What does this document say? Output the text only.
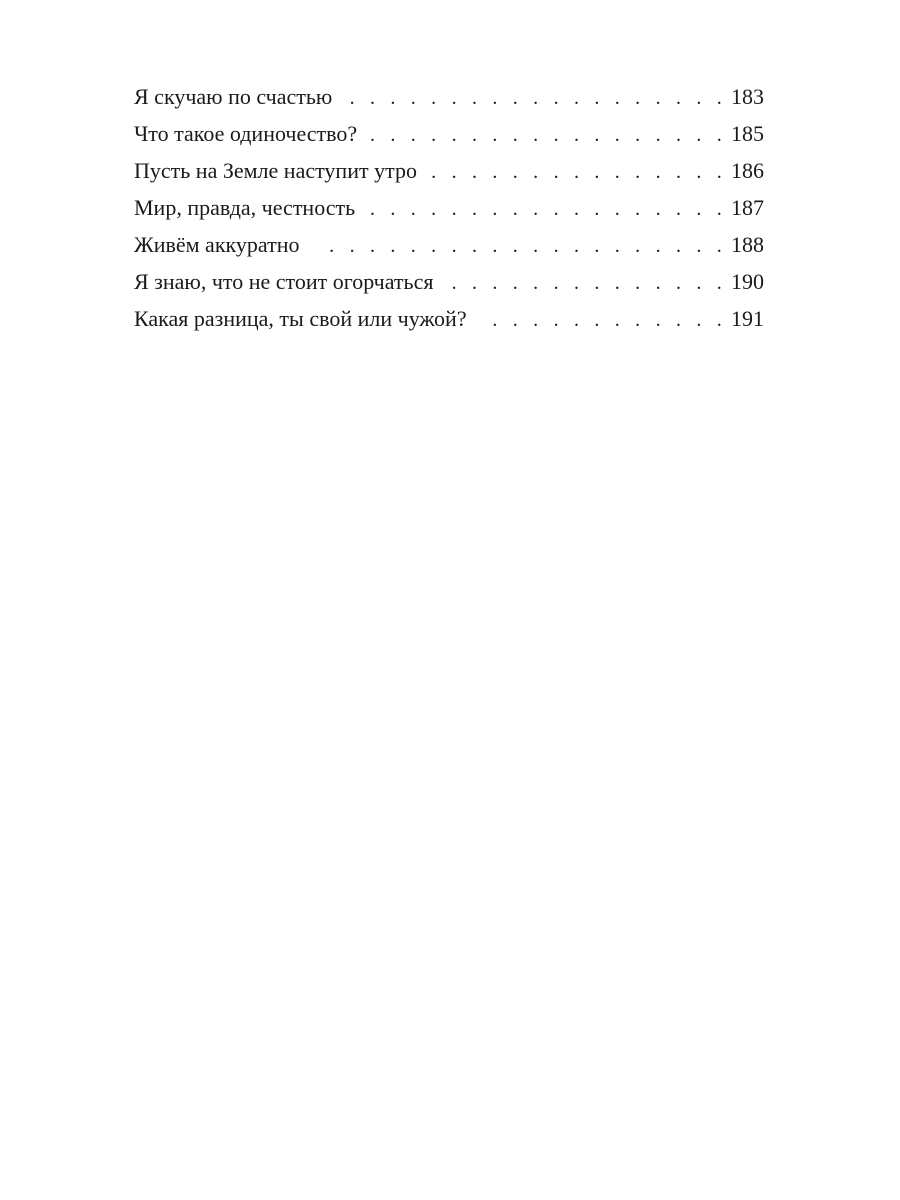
Я скучаю по счастью . . .	183
Что такое одиночество? . . .	185
Пусть на Земле наступит утро . . .	186
Мир, правда, честность . . .	187
Живём аккуратно . . .	188
Я знаю, что не стоит огорчаться . . .	190
Какая разница, ты свой или чужой? . . .	191
